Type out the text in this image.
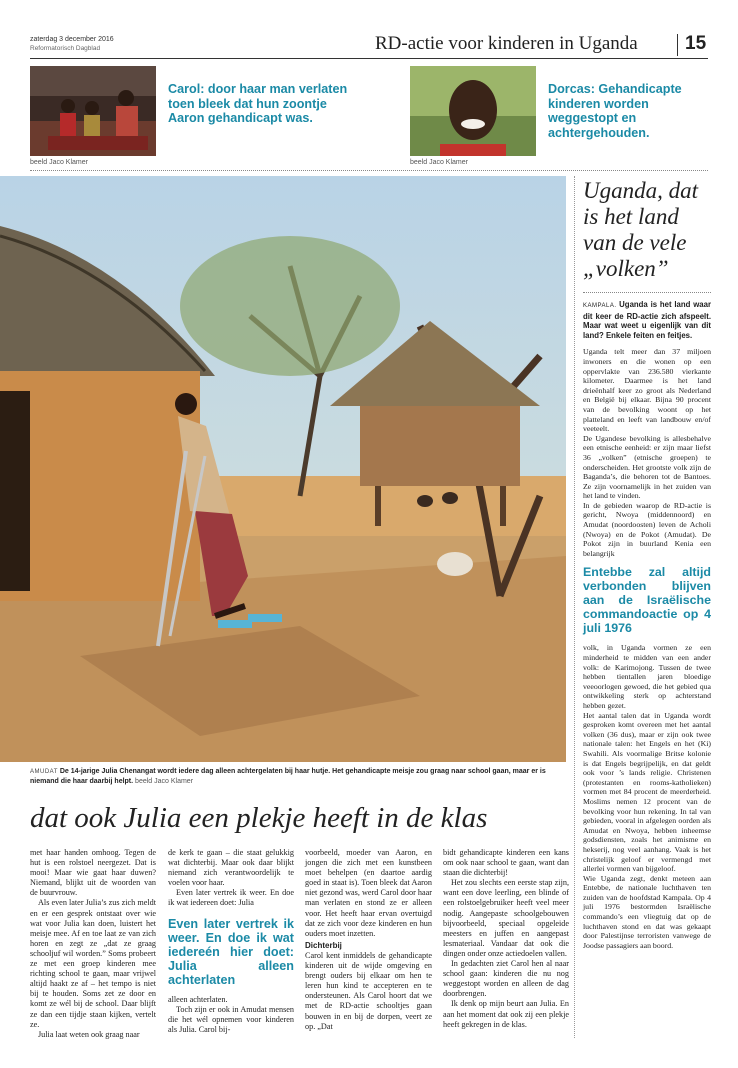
zaterdag 3 december 2016
Reformatorisch Dagblad	RD-actie voor kinderen in Uganda 15
Carol: door haar man verlaten toen bleek dat hun zoontje Aaron gehandicapt was.
beeld Jaco Klamer
Dorcas: Gehandicapte kinderen worden weggestopt en achtergehouden.
beeld Jaco Klamer
AMUDAT De 14-jarige Julia Chenangat wordt iedere dag alleen achtergelaten bij haar hutje. Het gehandicapte meisje zou graag naar school gaan, maar er is niemand die haar daarbij helpt. beeld Jaco Klamer
dat ook Julia een plekje heeft in de klas

met haar handen omhoog. Tegen de hut is een rolstoel neergezet. Dat is mooi! Maar wie gaat haar duwen? Niemand, blijkt uit de woorden van de buurvrouw.

Als even later Julia’s zus zich meldt en er een gesprek ontstaat over wie wat voor Julia kan doen, luistert het meisje mee. Af en toe laat ze van zich horen en zegt ze „dat ze graag schooljuf wil worden.” Soms probeert ze met een groep kinderen mee richting school te gaan, maar vrijwel altijd haakt ze af – het tempo is niet bij te houden. Soms zet ze door en komt ze wél bij de school. Daar blijft ze dan een tijdje staan kijken, vertelt ze.

Julia laat weten ook graag naar

de kerk te gaan – die staat gelukkig wat dichterbij. Maar ook daar blijkt niemand zich verantwoordelijk te voelen voor haar.

Even later vertrek ik weer. En doe ik wat iedereen doet: Julia

Even later vertrek ik weer. En doe ik wat iedereén hier doet: Julia alleen achterlaten

alleen achterlaten.

Toch zijn er ook in Amudat mensen die het wél opnemen voor kinderen als Julia. Carol bij-

voorbeeld, moeder van Aaron, en jongen die zich met een kunstbeen moet behelpen (en daartoe aardig goed in staat is). Toen bleek dat Aaron niet gezond was, werd Carol door haar man verlaten en stond ze er alleen voor. Het heeft haar ervan overtuigd dat ze zich voor deze kinderen en hun ouders moet inzetten.

Dichterbij

Carol kent inmiddels de gehandicapte kinderen uit de wijde omgeving en brengt ouders bij elkaar om hen te leren hun kind te accepteren en te ondersteunen. Als Carol hoort dat we met de RD-actie schooltjes gaan bouwen in en bij de dorpen, veert ze op. „Dat

bidt gehandicapte kinderen een kans om ook naar school te gaan, want dan staan die dichterbij!

Het zou slechts een eerste stap zijn, want een dove leerling, een blinde of een rolstoelgebruiker heeft veel meer nodig. Aangepaste schoolgebouwen bijvoorbeeld, speciaal opgeleide meesters en juffen en aangepast lesmateriaal. Vandaar dat ook die dingen onder onze actiedoelen vallen.

In gedachten ziet Carol hen al naar school gaan: kinderen die nu nog weggestopt worden en alleen de dag doorbrengen.

Ik denk op mijn beurt aan Julia. En aan het moment dat ook zij een plekje heeft gekregen in de klas.

Uganda, dat is het land van de vele „volken”

KAMPALA. Uganda is het land waar dit keer de RD-actie zich afspeelt. Maar wat weet u eigenlijk van dit land? Enkele feiten en feitjes.

Uganda telt meer dan 37 miljoen inwoners en die wonen op een oppervlakte van 236.580 vierkante kilometer. Daarmee is het land drieënhalf keer zo groot als Nederland en België bij elkaar. Bijna 90 procent van de bevolking woont op het platteland en leeft van landbouw en/of veeteelt.

De Ugandese bevolking is allesbehalve een etnische eenheid: er zijn maar liefst 36 „volken” (etnische groepen) te onderscheiden. Het grootste volk zijn de Baganda’s, die behoren tot de Bantoes. Ze zijn voornamelijk in het zuiden van het land te vinden.

In de gebieden waarop de RD-actie is gericht, Nwoya (middennoord) en Amudat (noordoosten) leven de Acholi (Nwoya) en de Pokot (Amudat). De Pokot zijn in buurland Kenia een belangrijk

Entebbe zal altijd verbonden blijven aan de Israëlische commandoactie op 4 juli 1976

volk, in Uganda vormen ze een minderheid te midden van een ander volk: de Karimojong. Tussen de twee hebben tientallen jaren bloedige veeoorlogen gewoed, die het gebied qua ontwikkeling sterk op achterstand hebben gezet.

Het aantal talen dat in Uganda wordt gesproken komt overeen met het aantal volken (36 dus), maar er zijn ook twee nationale talen: het Engels en het (Ki) Swahili. Als voormalige Britse kolonie is dat Engels begrijpelijk, en dat geldt ook voor ’s lands religie. Christenen (protestanten en rooms-katholieken) vormen met 84 procent de meerderheid. Moslims nemen 12 procent van de bevolking voor hun rekening. In tal van gebieden, vooral in afgelegen oorden als Amudat en Nwoya, hebben inheemse godsdiensten, zoals het animisme en hekserij, nog veel aanhang. Vaak is het christelijk geloof er vermengd met allerlei vormen van bijgeloof.

Wie Uganda zegt, denkt meteen aan Entebbe, de nationale luchthaven ten zuiden van de hoofdstad Kampala. Op 4 juli 1976 bestormden Israëlische commando’s een vliegtuig dat op de luchthaven stond en dat was gekaapt door Palestijnse terroristen vanwege de Joodse passagiers aan boord.
